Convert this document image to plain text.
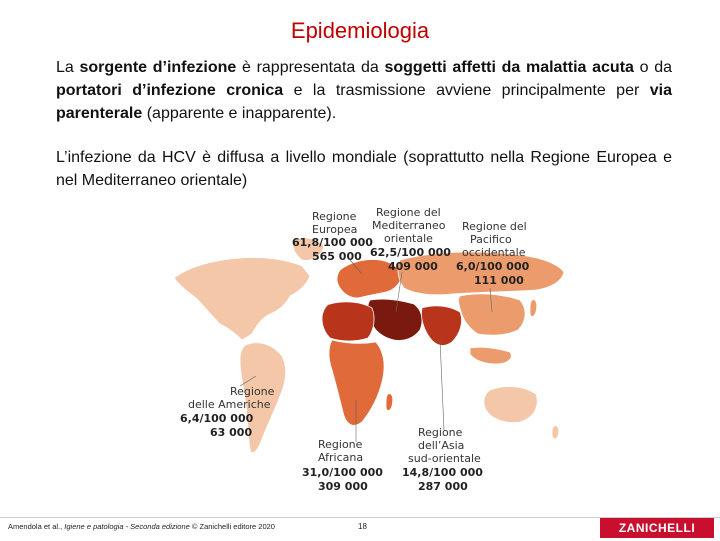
Epidemiologia
La sorgente d’infezione è rappresentata da soggetti affetti da malattia acuta o da portatori d’infezione cronica e la trasmissione avviene principalmente per via parenterale (apparente e inapparente).
L’infezione da HCV è diffusa a livello mondiale (soprattutto nella Regione Europea e nel Mediterraneo orientale)
Regione
Europea
61,8/100 000
565 000
Regione del
Mediterraneo
orientale
62,5/100 000
409 000
Regione del
Pacifico
occidentale
6,0/100 000
111 000
Regione
delle Americhe
6,4/100 000
63 000
Regione
Africana
31,0/100 000
309 000
Regione
dell’Asia
sud-orientale
14,8/100 000
287 000
Amendola et al., Igiene e patologia - Seconda edizione © Zanichelli editore 2020	18	ZANICHELLI
